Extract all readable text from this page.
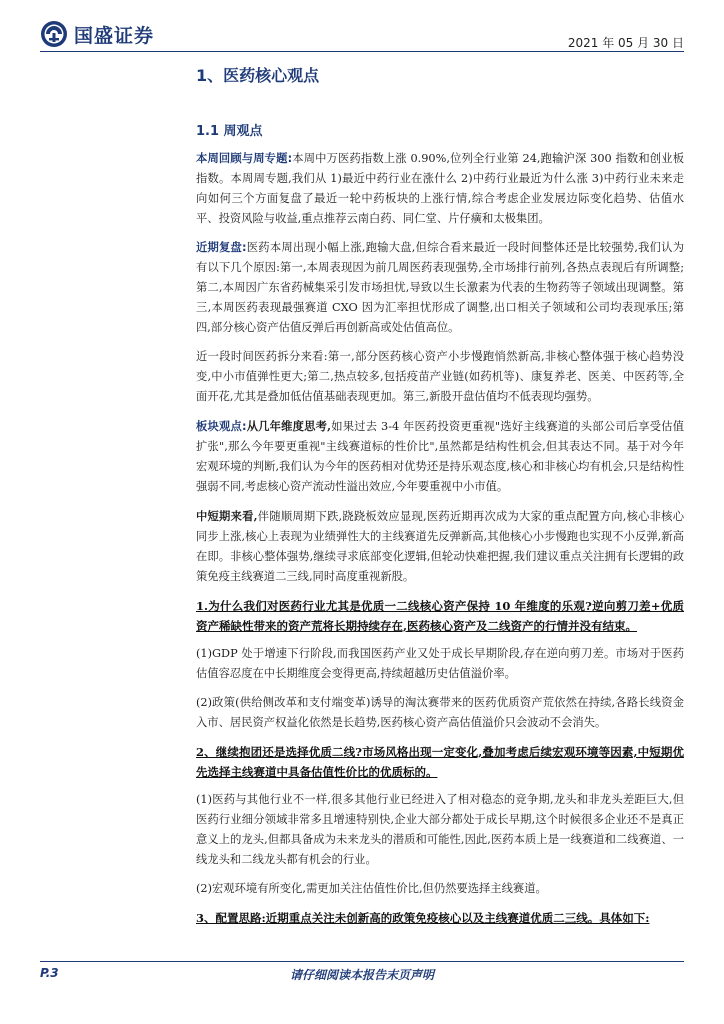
国盛证券	2021 年 05 月 30 日
1、医药核心观点
1.1 周观点

本周回顾与周专题:本周中万医药指数上涨 0.90%,位列全行业第 24,跑输沪深 300 指数和创业板指数。本周周专题,我们从 1)最近中药行业在涨什么 2)中药行业最近为什么涨 3)中药行业未来走向如何三个方面复盘了最近一轮中药板块的上涨行情,综合考虑企业发展边际变化趋势、估值水平、投资风险与收益,重点推荐云南白药、同仁堂、片仔癀和太极集团。

近期复盘:医药本周出现小幅上涨,跑输大盘,但综合看来最近一段时间整体还是比较强势,我们认为有以下几个原因:第一,本周表现因为前几周医药表现强势,全市场排行前列,各热点表现后有所调整;第二,本周因广东省药械集采引发市场担忧,导致以生长激素为代表的生物药等子领域出现调整。第三,本周医药表现最强赛道 CXO 因为汇率担忧形成了调整,出口相关子领域和公司均表现承压;第四,部分核心资产估值反弹后再创新高或处估值高位。

近一段时间医药拆分来看:第一,部分医药核心资产小步慢跑悄然新高,非核心整体强于核心趋势没变,中小市值弹性更大;第二,热点较多,包括疫苗产业链(如药机等)、康复养老、医美、中医药等,全面开花,尤其是叠加低估值基础表现更加。第三,新股开盘估值均不低表现均强势。

板块观点:从几年维度思考,如果过去 3-4 年医药投资更重视"选好主线赛道的头部公司后享受估值扩张",那么今年要更重视"主线赛道标的性价比",虽然都是结构性机会,但其表达不同。基于对今年宏观环境的判断,我们认为今年的医药相对优势还是持乐观态度,核心和非核心均有机会,只是结构性强弱不同,考虑核心资产流动性溢出效应,今年要重视中小市值。

中短期来看,伴随顺周期下跌,跷跷板效应显现,医药近期再次成为大家的重点配置方向,核心非核心同步上涨,核心上表现为业绩弹性大的主线赛道先反弹新高,其他核心小步慢跑也实现不小反弹,新高在即。非核心整体强势,继续寻求底部变化逻辑,但轮动快难把握,我们建议重点关注拥有长逻辑的政策免疫主线赛道二三线,同时高度重视新股。

1.为什么我们对医药行业尤其是优质一二线核心资产保持 10 年维度的乐观?逆向剪刀差+优质资产稀缺性带来的资产荒将长期持续存在,医药核心资产及二线资产的行情并没有结束。

(1)GDP 处于增速下行阶段,而我国医药产业又处于成长早期阶段,存在逆向剪刀差。市场对于医药估值容忍度在中长期维度会变得更高,持续超越历史估值溢价率。

(2)政策(供给侧改革和支付端变革)诱导的淘汰赛带来的医药优质资产荒依然在持续,各路长线资金入市、居民资产权益化依然是长趋势,医药核心资产高估值溢价只会波动不会消失。

2、继续抱团还是选择优质二线?市场风格出现一定变化,叠加考虑后续宏观环境等因素,中短期优先选择主线赛道中具备估值性价比的优质标的。

(1)医药与其他行业不一样,很多其他行业已经进入了相对稳态的竞争期,龙头和非龙头差距巨大,但医药行业细分领域非常多且增速特别快,企业大部分都处于成长早期,这个时候很多企业还不是真正意义上的龙头,但都具备成为未来龙头的潜质和可能性,因此,医药本质上是一线赛道和二线赛道、一线龙头和二线龙头都有机会的行业。

(2)宏观环境有所变化,需更加关注估值性价比,但仍然要选择主线赛道。

3、配置思路:近期重点关注未创新高的政策免疫核心以及主线赛道优质二三线。具体如下:
请仔细阅读本报告末页声明
P.3
